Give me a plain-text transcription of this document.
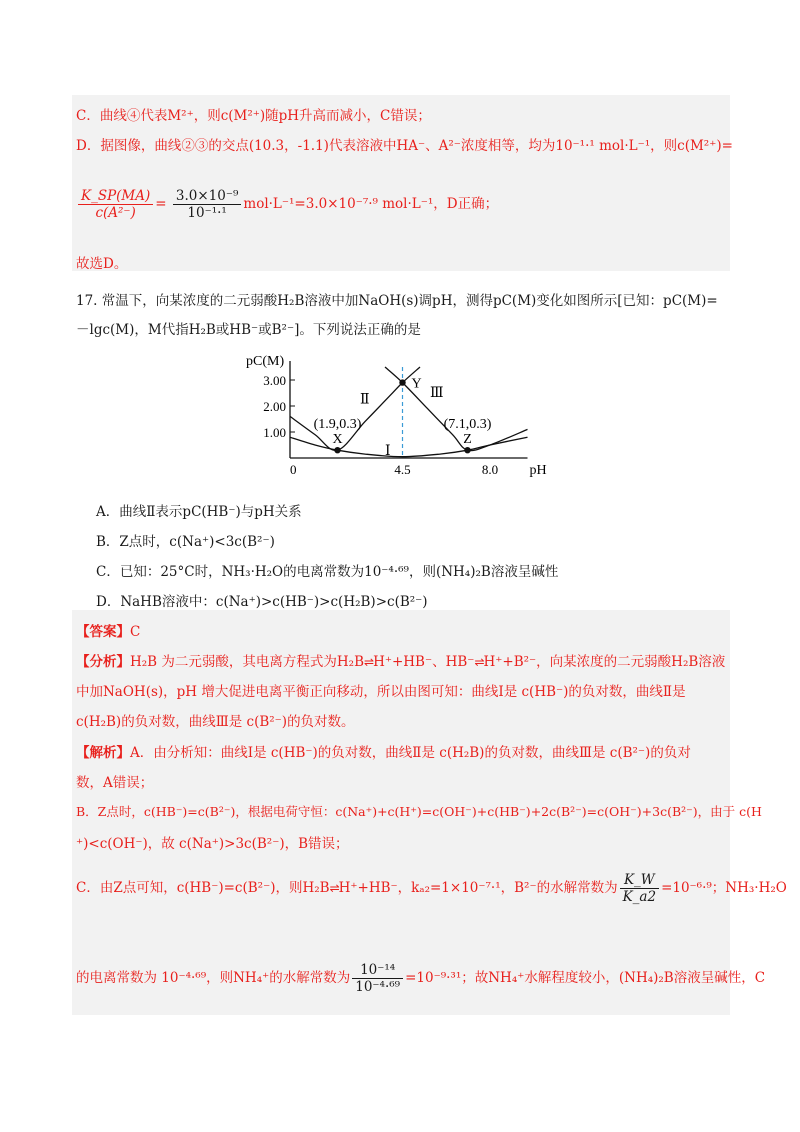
C．曲线④代表M²⁺，则c(M²⁺)随pH升高而减小，C错误；
D．据图像，曲线②③的交点(10.3，-1.1)代表溶液中HA⁻、A²⁻浓度相等，均为10⁻¹·¹ mol·L⁻¹，则c(M²⁺)=
$\frac{K\_SP(MA)}{\text{c(A²⁻)}} = \frac{\text{3.0×10⁻⁹}}{\text{10⁻¹·¹}} mol\cdot L^{-1}=3.0\times 10^{-7}\cdot^9$ mol·L⁻¹，D正确；
故选D。
17. 常温下，向某浓度的二元弱酸H₂B溶液中加NaOH(s)调pH，测得pC(M)变化如图所示[已知：pC(M)=
－lgc(M)，M代指H₂B或HB⁻或B²⁻]。下列说法正确的是
pC(M)
pH
1.00
2.00
3.00
0	4.5	8.0
Ⅰ
Ⅱ	Ⅲ
X
(1.9,0.3)
Y
Z
(7.1,0.3)
A．曲线Ⅱ表示pC(HB⁻)与pH关系
B．Z点时，c(Na⁺)<3c(B²⁻)
C．已知：25°C时，NH₃·H₂O的电离常数为10⁻⁴·⁶⁹，则(NH₄)₂B溶液呈碱性
D．NaHB溶液中：c(Na⁺)>c(HB⁻)>c(H₂B)>c(B²⁻)
【答案】C
【分析】H₂B 为二元弱酸，其电离方程式为H₂B⇌H⁺+HB⁻、HB⁻⇌H⁺+B²⁻，向某浓度的二元弱酸H₂B溶液
中加NaOH(s)，pH 增大促进电离平衡正向移动，所以由图可知：曲线Ⅰ是 c(HB⁻)的负对数，曲线Ⅱ是
c(H₂B)的负对数，曲线Ⅲ是 c(B²⁻)的负对数。
【解析】A．由分析知：曲线Ⅰ是 c(HB⁻)的负对数，曲线Ⅱ是 c(H₂B)的负对数，曲线Ⅲ是 c(B²⁻)的负对
数，A错误；
B．Z点时，c(HB⁻)=c(B²⁻)，根据电荷守恒：c(Na⁺)+c(H⁺)=c(OH⁻)+c(HB⁻)+2c(B²⁻)=c(OH⁻)+3c(B²⁻)，由于 c(H
⁺)<c(OH⁻)，故 c(Na⁺)>3c(B²⁻)，B错误；
C．由Z点可知，c(HB⁻)=c(B²⁻)，则H₂B⇌H⁺+HB⁻，kₐ₂=1×10⁻⁷·¹，B²⁻的水解常数为 $\frac{K\_W}{K\_a2} =10^{-6}\cdot^9$；NH₃·H₂O
的电离常数为 10⁻⁴·⁶⁹，则NH₄⁺的水解常数为 $\frac{\text{10⁻¹⁴}}{\text{10⁻⁴·⁶⁹}} =10^{-9}\cdot^{31}$；故NH₄⁺水解程度较小，(NH₄)₂B溶液呈碱性，C
